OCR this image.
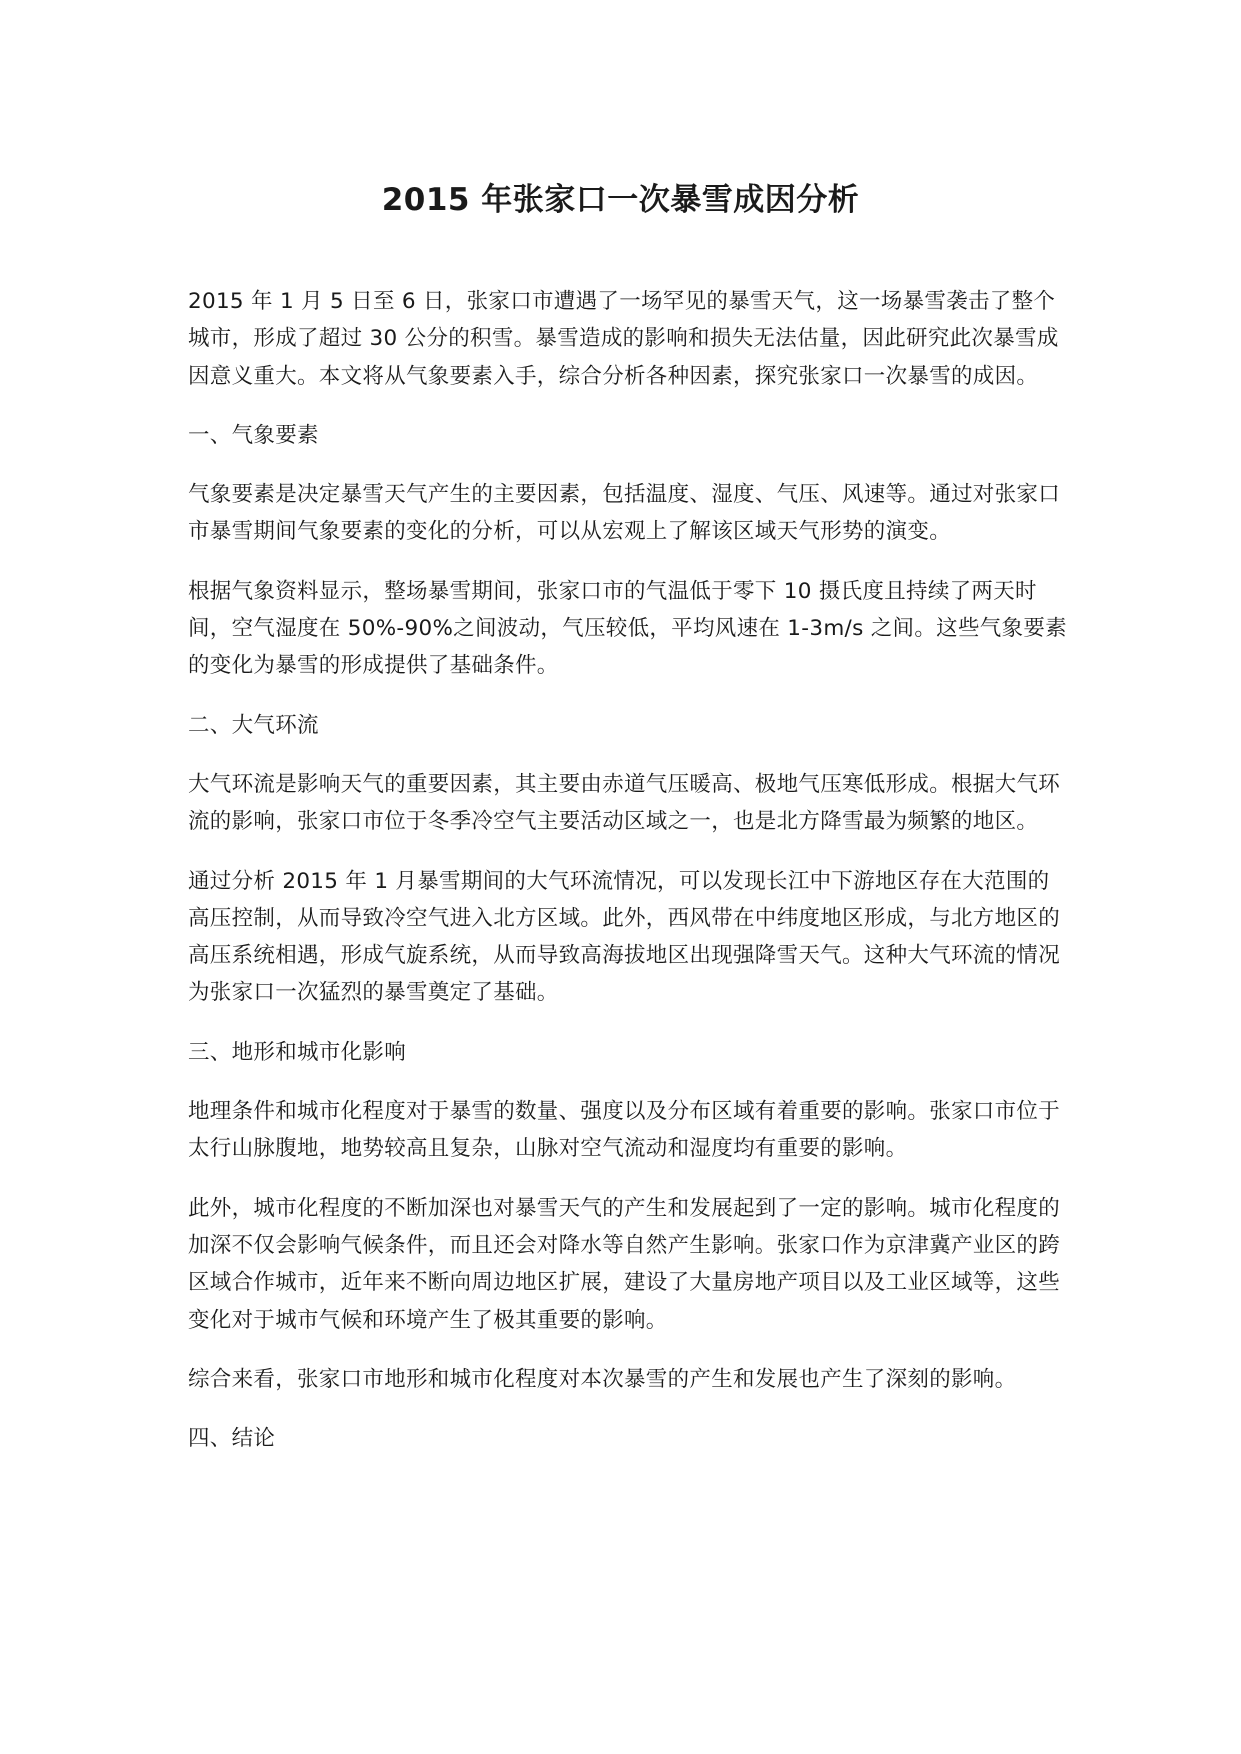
2015 年张家口一次暴雪成因分析

2015 年 1 月 5 日至 6 日，张家口市遭遇了一场罕见的暴雪天气，这一场暴雪袭击了整个城市，形成了超过 30 公分的积雪。暴雪造成的影响和损失无法估量，因此研究此次暴雪成因意义重大。本文将从气象要素入手，综合分析各种因素，探究张家口一次暴雪的成因。

一、气象要素

气象要素是决定暴雪天气产生的主要因素，包括温度、湿度、气压、风速等。通过对张家口市暴雪期间气象要素的变化的分析，可以从宏观上了解该区域天气形势的演变。

根据气象资料显示，整场暴雪期间，张家口市的气温低于零下 10 摄氏度且持续了两天时间，空气湿度在 50%-90%之间波动，气压较低，平均风速在 1-3m/s 之间。这些气象要素的变化为暴雪的形成提供了基础条件。

二、大气环流

大气环流是影响天气的重要因素，其主要由赤道气压暖高、极地气压寒低形成。根据大气环流的影响，张家口市位于冬季冷空气主要活动区域之一，也是北方降雪最为频繁的地区。

通过分析 2015 年 1 月暴雪期间的大气环流情况，可以发现长江中下游地区存在大范围的高压控制，从而导致冷空气进入北方区域。此外，西风带在中纬度地区形成，与北方地区的高压系统相遇，形成气旋系统，从而导致高海拔地区出现强降雪天气。这种大气环流的情况为张家口一次猛烈的暴雪奠定了基础。

三、地形和城市化影响

地理条件和城市化程度对于暴雪的数量、强度以及分布区域有着重要的影响。张家口市位于太行山脉腹地，地势较高且复杂，山脉对空气流动和湿度均有重要的影响。

此外，城市化程度的不断加深也对暴雪天气的产生和发展起到了一定的影响。城市化程度的加深不仅会影响气候条件，而且还会对降水等自然产生影响。张家口作为京津冀产业区的跨区域合作城市，近年来不断向周边地区扩展，建设了大量房地产项目以及工业区域等，这些变化对于城市气候和环境产生了极其重要的影响。

综合来看，张家口市地形和城市化程度对本次暴雪的产生和发展也产生了深刻的影响。

四、结论
